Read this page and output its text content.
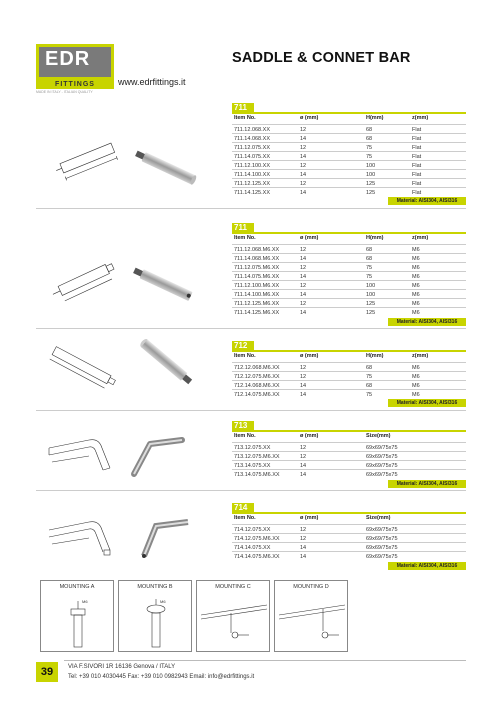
EDR
FITTINGS
MADE IN ITALY - ITALIAN QUALITY
SADDLE & CONNET BAR
www.edrfittings.it
711
Item No.	ø (mm)	H(mm)	z(mm)
711.12.068.XX	12	68	Flat
711.14.068.XX	14	68	Flat
711.12.075.XX	12	75	Flat
711.14.075.XX	14	75	Flat
711.12.100.XX	12	100	Flat
711.14.100.XX	14	100	Flat
711.12.125.XX	12	125	Flat
711.14.125.XX	14	125	Flat
Material: AISI304, AISI316
711
Item No.	ø (mm)	H(mm)	z(mm)
711.12.068.M6.XX	12	68	M6
711.14.068.M6.XX	14	68	M6
711.12.075.M6.XX	12	75	M6
711.14.075.M6.XX	14	75	M6
711.12.100.M6.XX	12	100	M6
711.14.100.M6.XX	14	100	M6
711.12.125.M6.XX	12	125	M6
711.14.125.M6.XX	14	125	M6
Material: AISI304, AISI316
712
Item No.	ø (mm)	H(mm)	z(mm)
712.12.068.M6.XX	12	68	M6
712.12.075.M6.XX	12	75	M6
712.14.068.M6.XX	14	68	M6
712.14.075.M6.XX	14	75	M6
Material: AISI304, AISI316
713
Item No.	ø (mm)	Size(mm)
713.12.075.XX	12	69x69/75x75
713.12.075.M6.XX	12	69x69/75x75
713.14.075.XX	14	69x69/75x75
713.14.075.M6.XX	14	69x69/75x75
Material: AISI304, AISI316
714
Item No.	ø (mm)	Size(mm)
714.12.075.XX	12	69x69/75x75
714.12.075.M6.XX	12	69x69/75x75
714.14.075.XX	14	69x69/75x75
714.14.075.M6.XX	14	69x69/75x75
Material: AISI304, AISI316
MOUNTING A
M6
MOUNTING B
M6
MOUNTING C	MOUNTING D
39	VIA F.SIVORI 1R 16136 Genova / ITALY
Tel: +39 010 4030445 Fax: +39 010 0982943 Email: info@edrfittings.it
